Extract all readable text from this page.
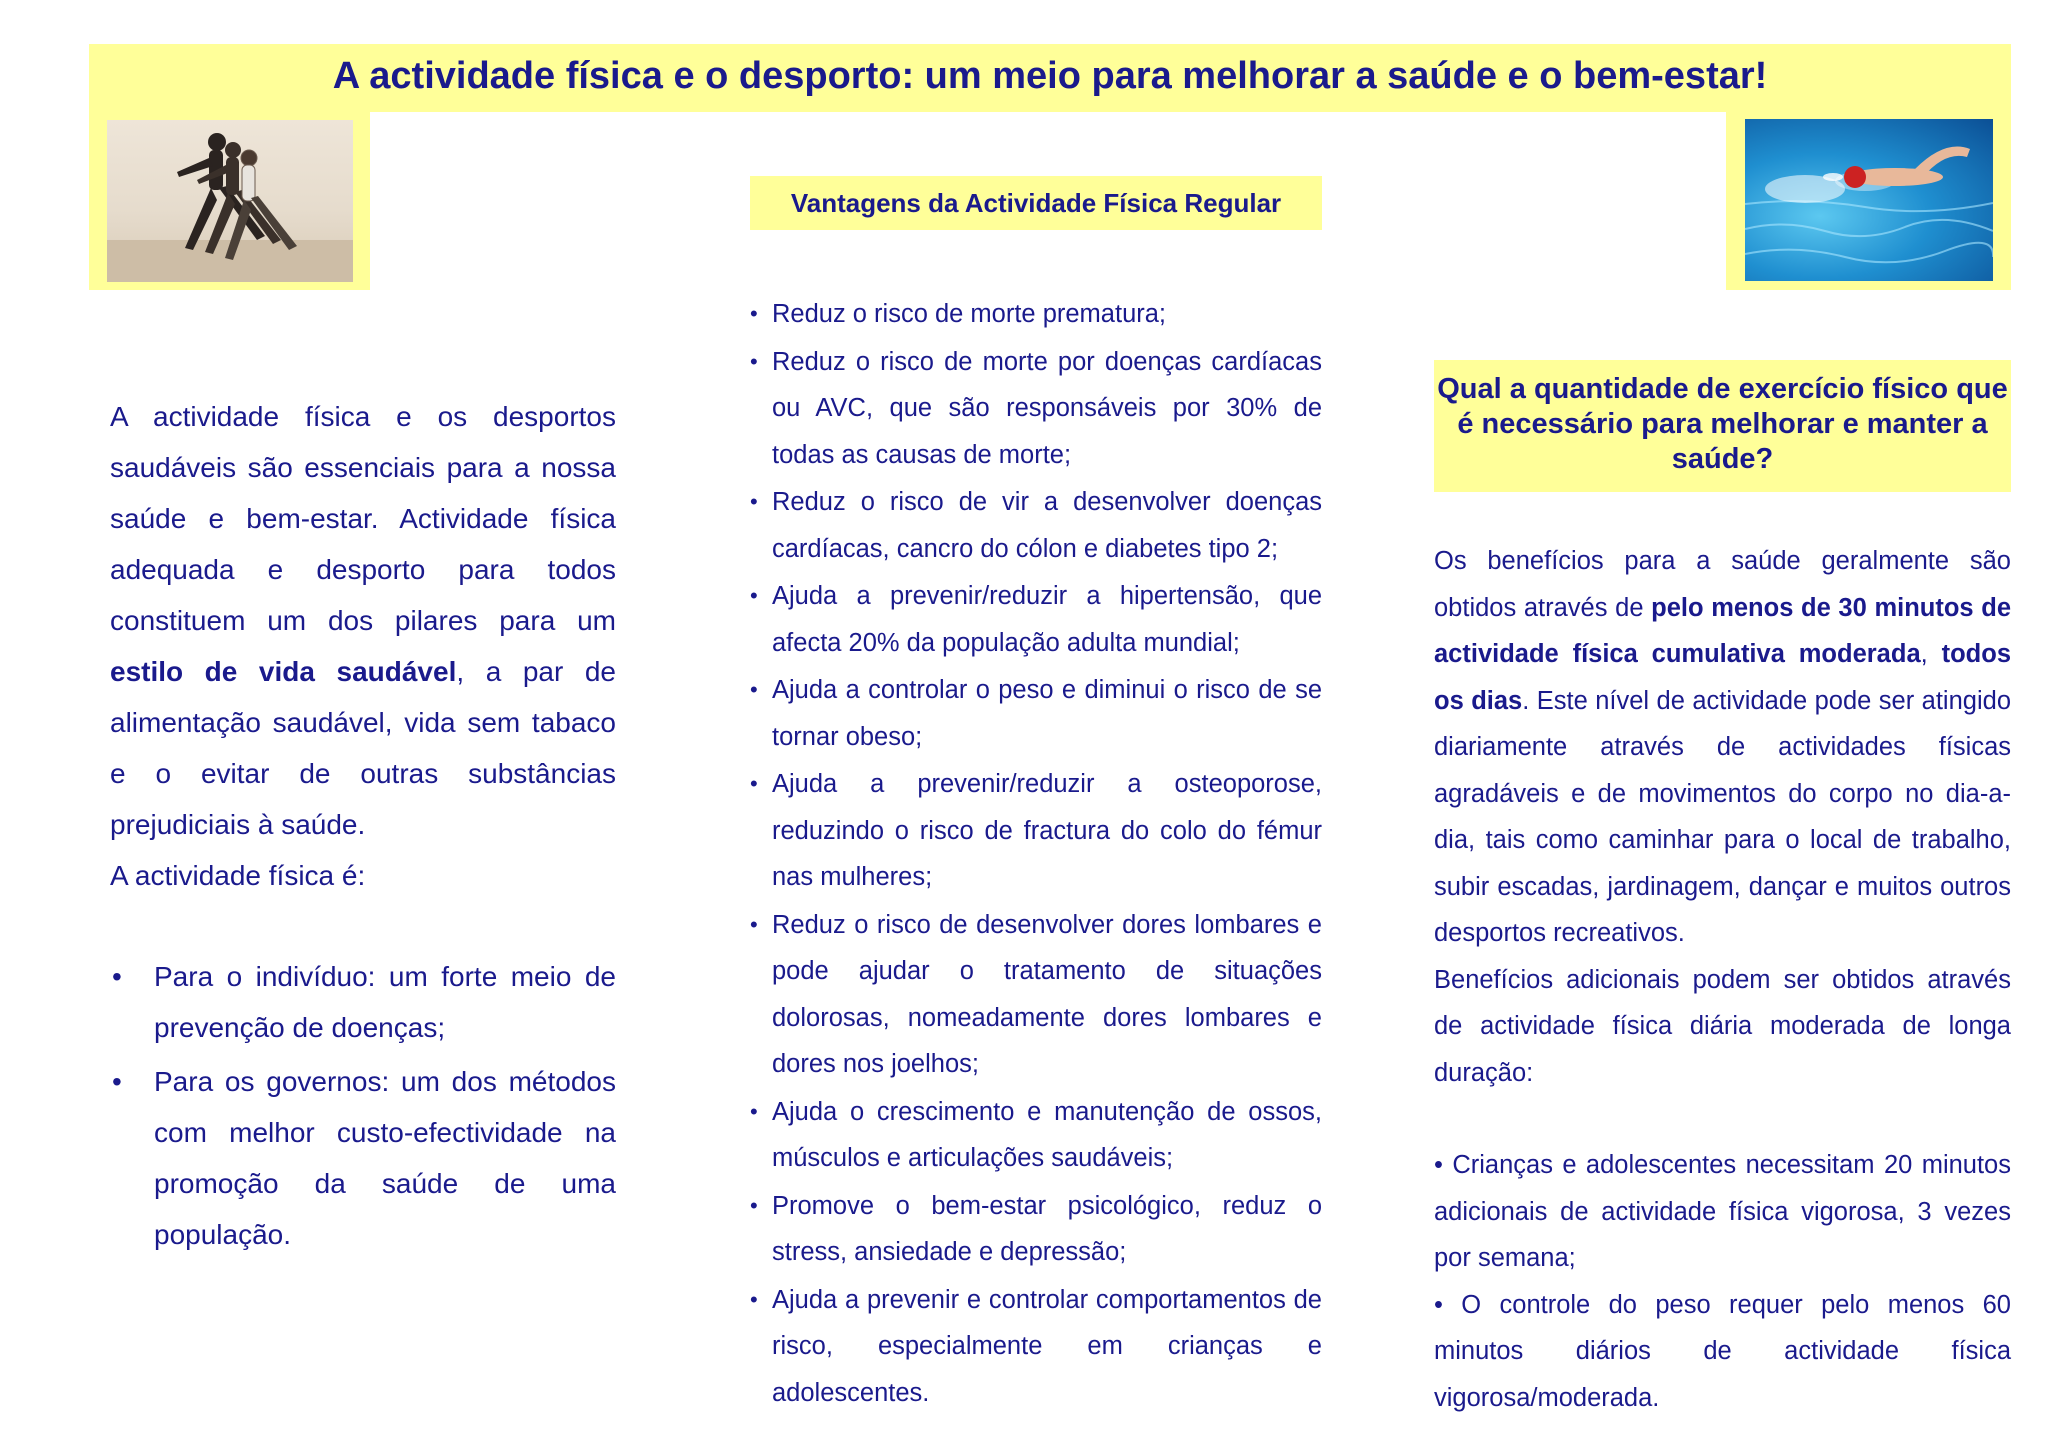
A actividade física e o desporto: um meio para melhorar a saúde e o bem-estar!

A actividade física e os desportos saudáveis são essenciais para a nossa saúde e bem-estar. Actividade física adequada e desporto para todos constituem um dos pilares para um estilo de vida saudável, a par de alimentação saudável, vida sem tabaco e o evitar de outras substâncias prejudiciais à saúde.

A actividade física é:

• Para o indivíduo: um forte meio de prevenção de doenças;
• Para os governos: um dos métodos com melhor custo-efectividade na promoção da saúde de uma população.
Vantagens da Actividade Física Regular
• Reduz o risco de morte prematura;
• Reduz o risco de morte por doenças cardíacas ou AVC, que são responsáveis por 30% de todas as causas de morte;
• Reduz o risco de vir a desenvolver doenças cardíacas, cancro do cólon e diabetes tipo 2;
• Ajuda a prevenir/reduzir a hipertensão, que afecta 20% da população adulta mundial;
• Ajuda a controlar o peso e diminui o risco de se tornar obeso;
• Ajuda a prevenir/reduzir a osteoporose, reduzindo o risco de fractura do colo do fémur nas mulheres;
• Reduz o risco de desenvolver dores lombares e pode ajudar o tratamento de situações dolorosas, nomeadamente dores lombares e dores nos joelhos;
• Ajuda o crescimento e manutenção de ossos, músculos e articulações saudáveis;
• Promove o bem-estar psicológico, reduz o stress, ansiedade e depressão;
• Ajuda a prevenir e controlar comportamentos de risco, especialmente em crianças e adolescentes.
Qual a quantidade de exercício físico que é necessário para melhorar e manter a saúde?

Os benefícios para a saúde geralmente são obtidos através de pelo menos de 30 minutos de actividade física cumulativa moderada, todos os dias. Este nível de actividade pode ser atingido diariamente através de actividades físicas agradáveis e de movimentos do corpo no dia-a-dia, tais como caminhar para o local de trabalho, subir escadas, jardinagem, dançar e muitos outros desportos recreativos.

Benefícios adicionais podem ser obtidos através de actividade física diária moderada de longa duração:

• Crianças e adolescentes necessitam 20 minutos adicionais de actividade física vigorosa, 3 vezes por semana;

• O controle do peso requer pelo menos 60 minutos diários de actividade física vigorosa/moderada.
